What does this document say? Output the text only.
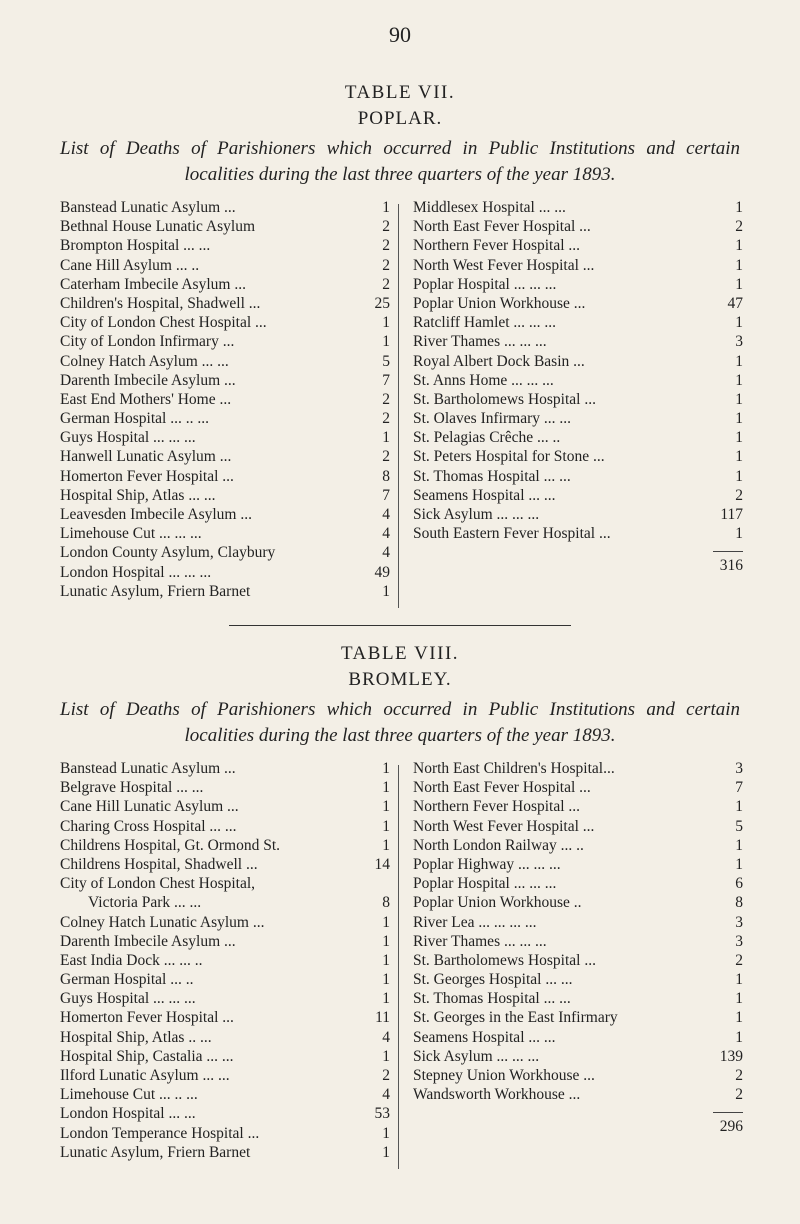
90
TABLE VII.
POPLAR.
List of Deaths of Parishioners which occurred in Public Institutions and certain localities during the last three quarters of the year 1893.
Banstead Lunatic Asylum ...	1
Bethnal House Lunatic Asylum	2
Brompton Hospital ... ...	2
Cane Hill Asylum ... ..	2
Caterham Imbecile Asylum ...	2
Children's Hospital, Shadwell ...	25
City of London Chest Hospital ...	1
City of London Infirmary ...	1
Colney Hatch Asylum ... ...	5
Darenth Imbecile Asylum ...	7
East End Mothers' Home ...	2
German Hospital ... .. ...	2
Guys Hospital ... ... ...	1
Hanwell Lunatic Asylum ...	2
Homerton Fever Hospital ...	8
Hospital Ship, Atlas ... ...	7
Leavesden Imbecile Asylum ...	4
Limehouse Cut ... ... ...	4
London County Asylum, Claybury	4
London Hospital ... ... ...	49
Lunatic Asylum, Friern Barnet	1
Middlesex Hospital ... ...	1
North East Fever Hospital ...	2
Northern Fever Hospital ...	1
North West Fever Hospital ...	1
Poplar Hospital ... ... ...	1
Poplar Union Workhouse ...	47
Ratcliff Hamlet ... ... ...	1
River Thames ... ... ...	3
Royal Albert Dock Basin ...	1
St. Anns Home ... ... ...	1
St. Bartholomews Hospital ...	1
St. Olaves Infirmary ... ...	1
St. Pelagias Crêche ... ..	1
St. Peters Hospital for Stone ...	1
St. Thomas Hospital ... ...	1
Seamens Hospital ... ...	2
Sick Asylum ... ... ...	117
South Eastern Fever Hospital ...	1
316
TABLE VIII.
BROMLEY.
List of Deaths of Parishioners which occurred in Public Institutions and certain localities during the last three quarters of the year 1893.
Banstead Lunatic Asylum ...	1
Belgrave Hospital ... ...	1
Cane Hill Lunatic Asylum ...	1
Charing Cross Hospital ... ...	1
Childrens Hospital, Gt. Ormond St.	1
Childrens Hospital, Shadwell ...	14
City of London Chest Hospital,
Victoria Park ... ...	8
Colney Hatch Lunatic Asylum ...	1
Darenth Imbecile Asylum ...	1
East India Dock ... ... ..	1
German Hospital ... ..	1
Guys Hospital ... ... ...	1
Homerton Fever Hospital ...	11
Hospital Ship, Atlas .. ...	4
Hospital Ship, Castalia ... ...	1
Ilford Lunatic Asylum ... ...	2
Limehouse Cut ... .. ...	4
London Hospital ... ...	53
London Temperance Hospital ...	1
Lunatic Asylum, Friern Barnet	1
North East Children's Hospital...	3
North East Fever Hospital ...	7
Northern Fever Hospital ...	1
North West Fever Hospital ...	5
North London Railway ... ..	1
Poplar Highway ... ... ...	1
Poplar Hospital ... ... ...	6
Poplar Union Workhouse ..	8
River Lea ... ... ... ...	3
River Thames ... ... ...	3
St. Bartholomews Hospital ...	2
St. Georges Hospital ... ...	1
St. Thomas Hospital ... ...	1
St. Georges in the East Infirmary	1
Seamens Hospital ... ...	1
Sick Asylum ... ... ...	139
Stepney Union Workhouse ...	2
Wandsworth Workhouse ...	2
296
